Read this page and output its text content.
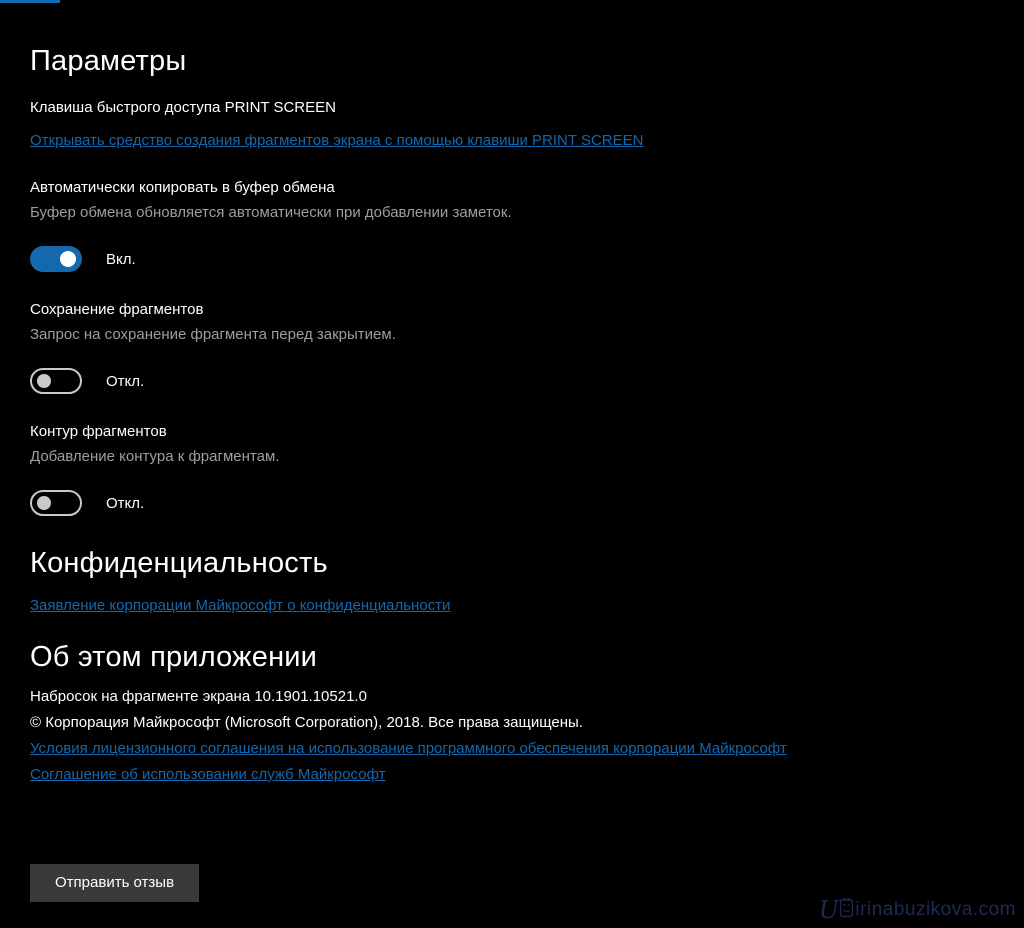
Параметры
Клавиша быстрого доступа PRINT SCREEN
Открывать средство создания фрагментов экрана с помощью клавиши PRINT SCREEN
Автоматически копировать в буфер обмена
Буфер обмена обновляется автоматически при добавлении заметок.
Вкл.
Сохранение фрагментов
Запрос на сохранение фрагмента перед закрытием.
Откл.
Контур фрагментов
Добавление контура к фрагментам.
Откл.
Конфиденциальность
Заявление корпорации Майкрософт о конфиденциальности
Об этом приложении
Набросок на фрагменте экрана 10.1901.10521.0
© Корпорация Майкрософт (Microsoft Corporation), 2018. Все права защищены.
Условия лицензионного соглашения на использование программного обеспечения корпорации Майкрософт
Соглашение об использовании служб Майкрософт
Отправить отзыв
U irinabuzikova.com
